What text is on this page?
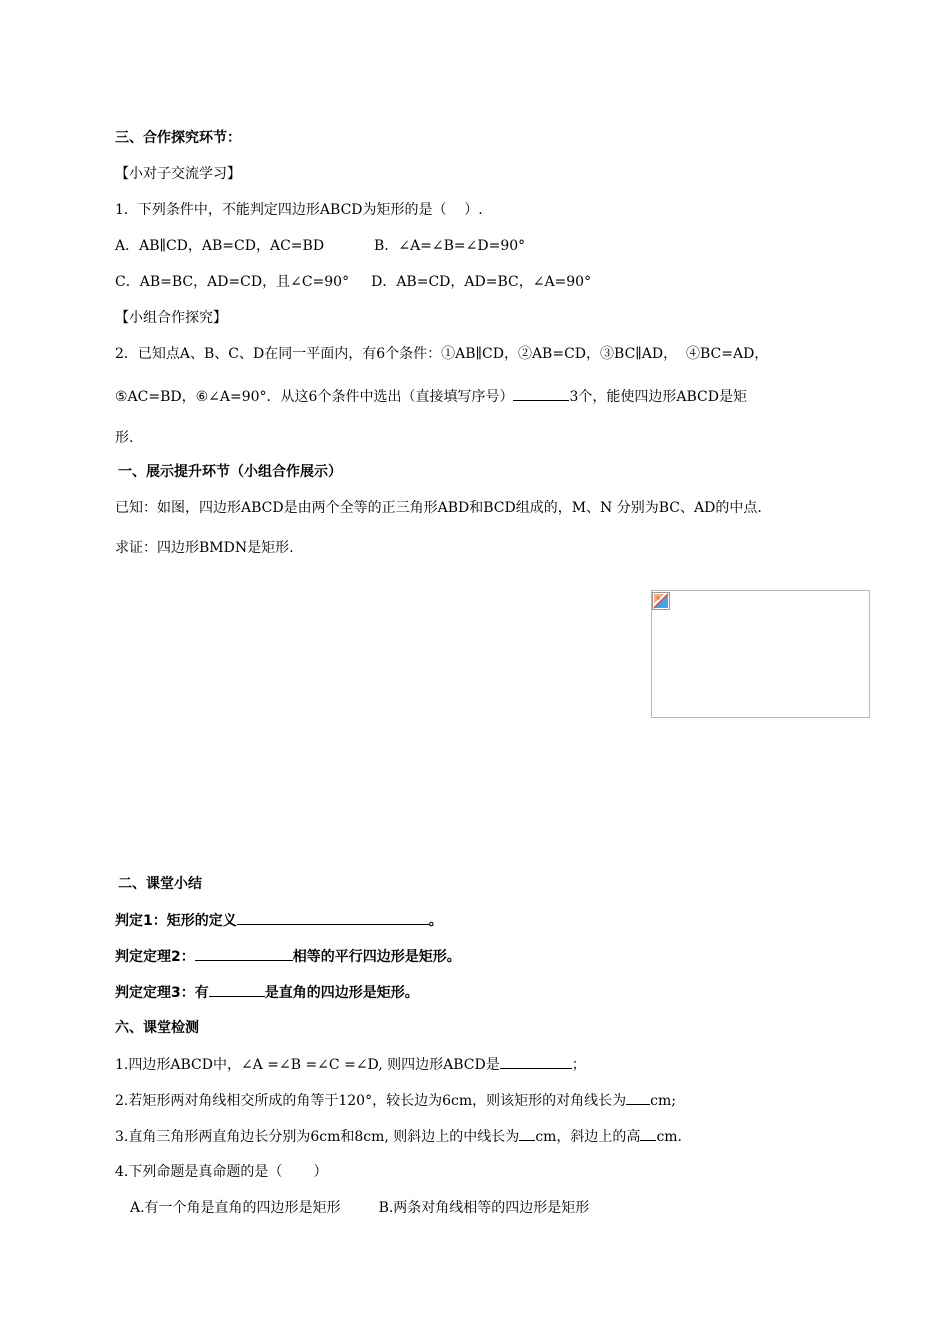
三、合作探究环节：
【小对子交流学习】
1．下列条件中，不能判定四边形ABCD为矩形的是（    ）.
A．AB∥CD，AB=CD，AC=BD	B．∠A=∠B=∠D=90°
C．AB=BC，AD=CD，且∠C=90° D．AB=CD，AD=BC，∠A=90°
【小组合作探究】
2．已知点A、B、C、D在同一平面内，有6个条件：①AB∥CD，②AB=CD，③BC∥AD，  ④BC=AD，
⑤AC=BD，⑥∠A=90°．从这6个条件中选出（直接填写序号）	3个，能使四边形ABCD是矩
形.
一、展示提升环节（小组合作展示）
已知：如图，四边形ABCD是由两个全等的正三角形ABD和BCD组成的，M、N 分别为BC、AD的中点.
求证：四边形BMDN是矩形.
二、课堂小结
判定1：矩形的定义	。
判定定理2：	相等的平行四边形是矩形。
判定定理3：有	是直角的四边形是矩形。
六、课堂检测
1.四边形ABCD中，∠A =∠B =∠C =∠D, 则四边形ABCD是	；
2.若矩形两对角线相交所成的角等于120°，较长边为6cm，则该矩形的对角线长为 cm;
3.直角三角形两直角边长分别为6cm和8cm, 则斜边上的中线长为 cm，斜边上的高 cm.
4.下列命题是真命题的是（       ）
A.有一个角是直角的四边形是矩形	B.两条对角线相等的四边形是矩形
